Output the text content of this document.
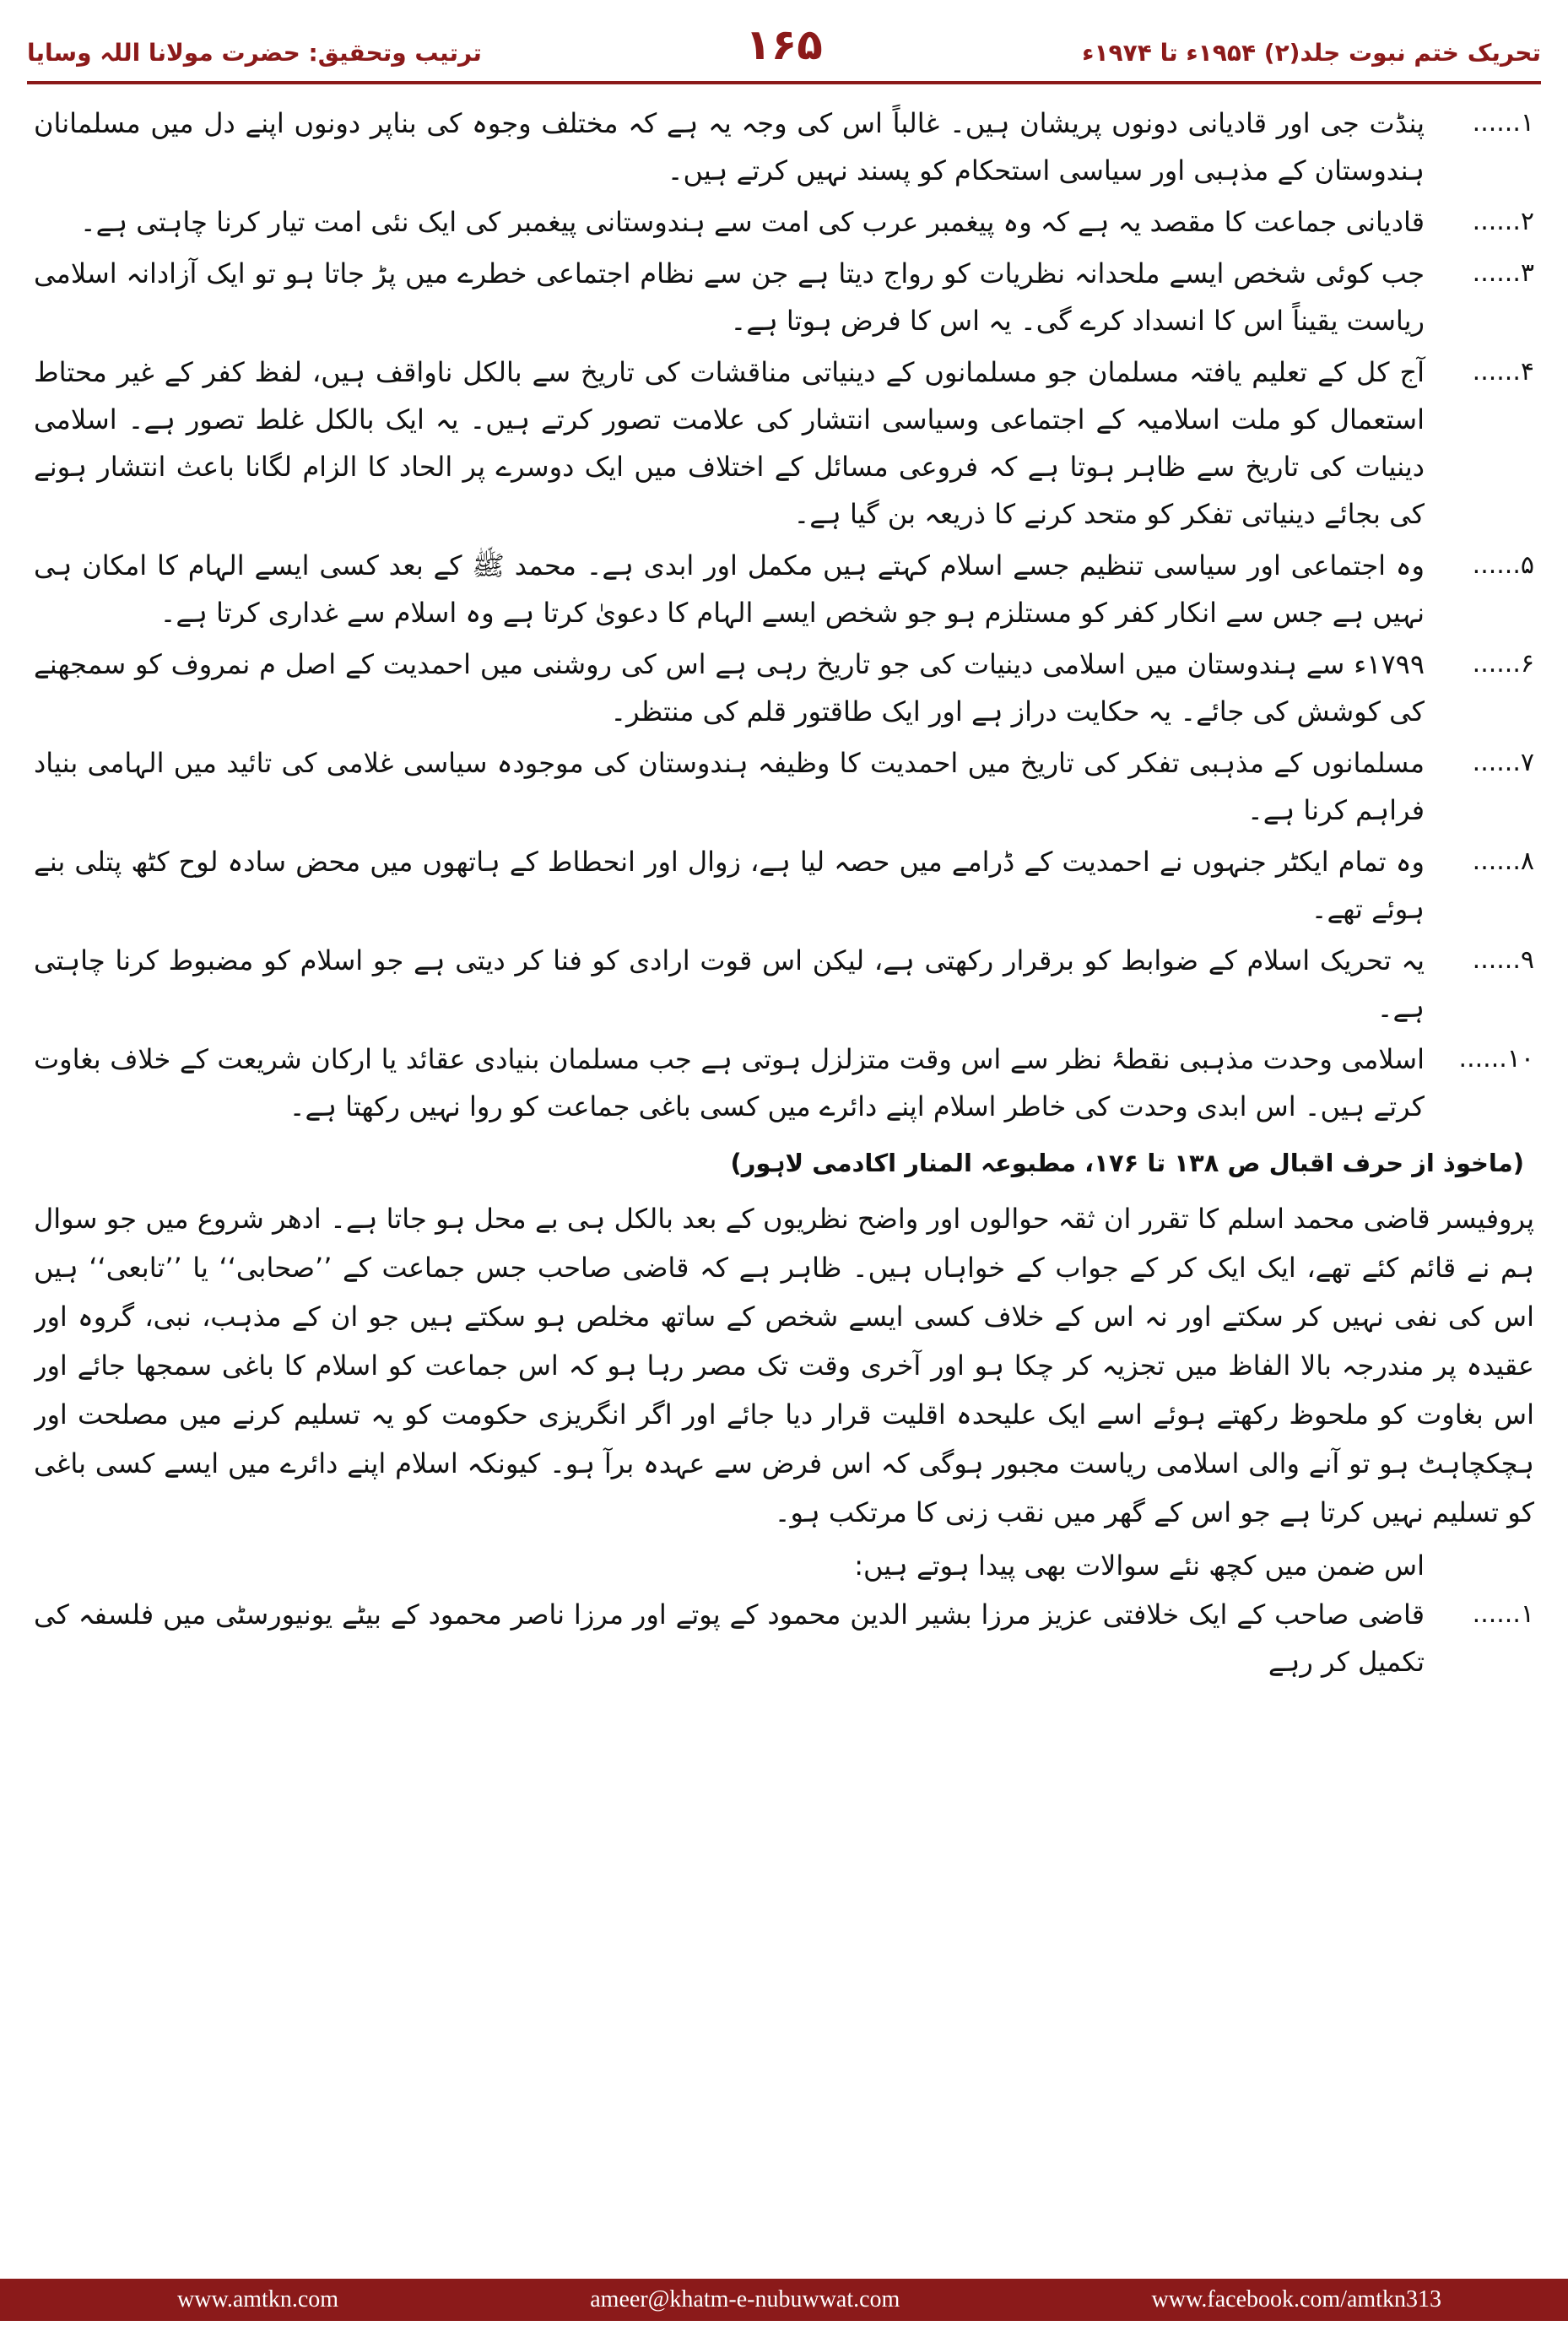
ترتیب وتحقیق: حضرت مولانا اللہ وسایا	۱۶۵	تحریک ختم نبوت جلد(۲) ۱۹۵۴ء تا ۱۹۷۴ء
۱......
پنڈت جی اور قادیانی دونوں پریشان ہیں۔ غالباً اس کی وجہ یہ ہے کہ مختلف وجوہ کی بناپر دونوں اپنے دل میں مسلمانان ہندوستان کے مذہبی اور سیاسی استحکام کو پسند نہیں کرتے ہیں۔
۲......
قادیانی جماعت کا مقصد یہ ہے کہ وہ پیغمبر عرب کی امت سے ہندوستانی پیغمبر کی ایک نئی امت تیار کرنا چاہتی ہے۔
۳......
جب کوئی شخص ایسے ملحدانہ نظریات کو رواج دیتا ہے جن سے نظام اجتماعی خطرے میں پڑ جاتا ہو تو ایک آزادانہ اسلامی ریاست یقیناً اس کا انسداد کرے گی۔ یہ اس کا فرض ہوتا ہے۔
۴......
آج کل کے تعلیم یافتہ مسلمان جو مسلمانوں کے دینیاتی مناقشات کی تاریخ سے بالکل ناواقف ہیں، لفظ کفر کے غیر محتاط استعمال کو ملت اسلامیہ کے اجتماعی وسیاسی انتشار کی علامت تصور کرتے ہیں۔ یہ ایک بالکل غلط تصور ہے۔ اسلامی دینیات کی تاریخ سے ظاہر ہوتا ہے کہ فروعی مسائل کے اختلاف میں ایک دوسرے پر الحاد کا الزام لگانا باعث انتشار ہونے کی بجائے دینیاتی تفکر کو متحد کرنے کا ذریعہ بن گیا ہے۔
۵......
وہ اجتماعی اور سیاسی تنظیم جسے اسلام کہتے ہیں مکمل اور ابدی ہے۔ محمد ﷺ کے بعد کسی ایسے الہام کا امکان ہی نہیں ہے جس سے انکار کفر کو مستلزم ہو جو شخص ایسے الہام کا دعویٰ کرتا ہے وہ اسلام سے غداری کرتا ہے۔
۶......
۱۷۹۹ء سے ہندوستان میں اسلامی دینیات کی جو تاریخ رہی ہے اس کی روشنی میں احمدیت کے اصل م نمروف کو سمجھنے کی کوشش کی جائے۔ یہ حکایت دراز ہے اور ایک طاقتور قلم کی منتظر۔
۷......
مسلمانوں کے مذہبی تفکر کی تاریخ میں احمدیت کا وظیفہ ہندوستان کی موجودہ سیاسی غلامی کی تائید میں الہامی بنیاد فراہم کرنا ہے۔
۸......
وہ تمام ایکٹر جنہوں نے احمدیت کے ڈرامے میں حصہ لیا ہے، زوال اور انحطاط کے ہاتھوں میں محض سادہ لوح کٹھ پتلی بنے ہوئے تھے۔
۹......
یہ تحریک اسلام کے ضوابط کو برقرار رکھتی ہے، لیکن اس قوت ارادی کو فنا کر دیتی ہے جو اسلام کو مضبوط کرنا چاہتی ہے۔
۱۰......
اسلامی وحدت مذہبی نقطۂ نظر سے اس وقت متزلزل ہوتی ہے جب مسلمان بنیادی عقائد یا ارکان شریعت کے خلاف بغاوت کرتے ہیں۔ اس ابدی وحدت کی خاطر اسلام اپنے دائرے میں کسی باغی جماعت کو روا نہیں رکھتا ہے۔
(ماخوذ از حرف اقبال ص ۱۳۸ تا ۱۷۶، مطبوعہ المنار اکادمی لاہور)
پروفیسر قاضی محمد اسلم کا تقرر ان ثقہ حوالوں اور واضح نظریوں کے بعد بالکل ہی بے محل ہو جاتا ہے۔ ادھر شروع میں جو سوال ہم نے قائم کئے تھے، ایک ایک کر کے جواب کے خواہاں ہیں۔ ظاہر ہے کہ قاضی صاحب جس جماعت کے ’’صحابی‘‘ یا ’’تابعی‘‘ ہیں اس کی نفی نہیں کر سکتے اور نہ اس کے خلاف کسی ایسے شخص کے ساتھ مخلص ہو سکتے ہیں جو ان کے مذہب، نبی، گروہ اور عقیدہ پر مندرجہ بالا الفاظ میں تجزیہ کر چکا ہو اور آخری وقت تک مصر رہا ہو کہ اس جماعت کو اسلام کا باغی سمجھا جائے اور اس بغاوت کو ملحوظ رکھتے ہوئے اسے ایک علیحدہ اقلیت قرار دیا جائے اور اگر انگریزی حکومت کو یہ تسلیم کرنے میں مصلحت اور ہچکچاہٹ ہو تو آنے والی اسلامی ریاست مجبور ہوگی کہ اس فرض سے عہدہ برآ ہو۔ کیونکہ اسلام اپنے دائرے میں ایسے کسی باغی کو تسلیم نہیں کرتا ہے جو اس کے گھر میں نقب زنی کا مرتکب ہو۔
اس ضمن میں کچھ نئے سوالات بھی پیدا ہوتے ہیں:
۱......
قاضی صاحب کے ایک خلافتی عزیز مرزا بشیر الدین محمود کے پوتے اور مرزا ناصر محمود کے بیٹے یونیورسٹی میں فلسفہ کی تکمیل کر رہے
www.amtkn.com	ameer@khatm-e-nubuwwat.com	www.facebook.com/amtkn313
